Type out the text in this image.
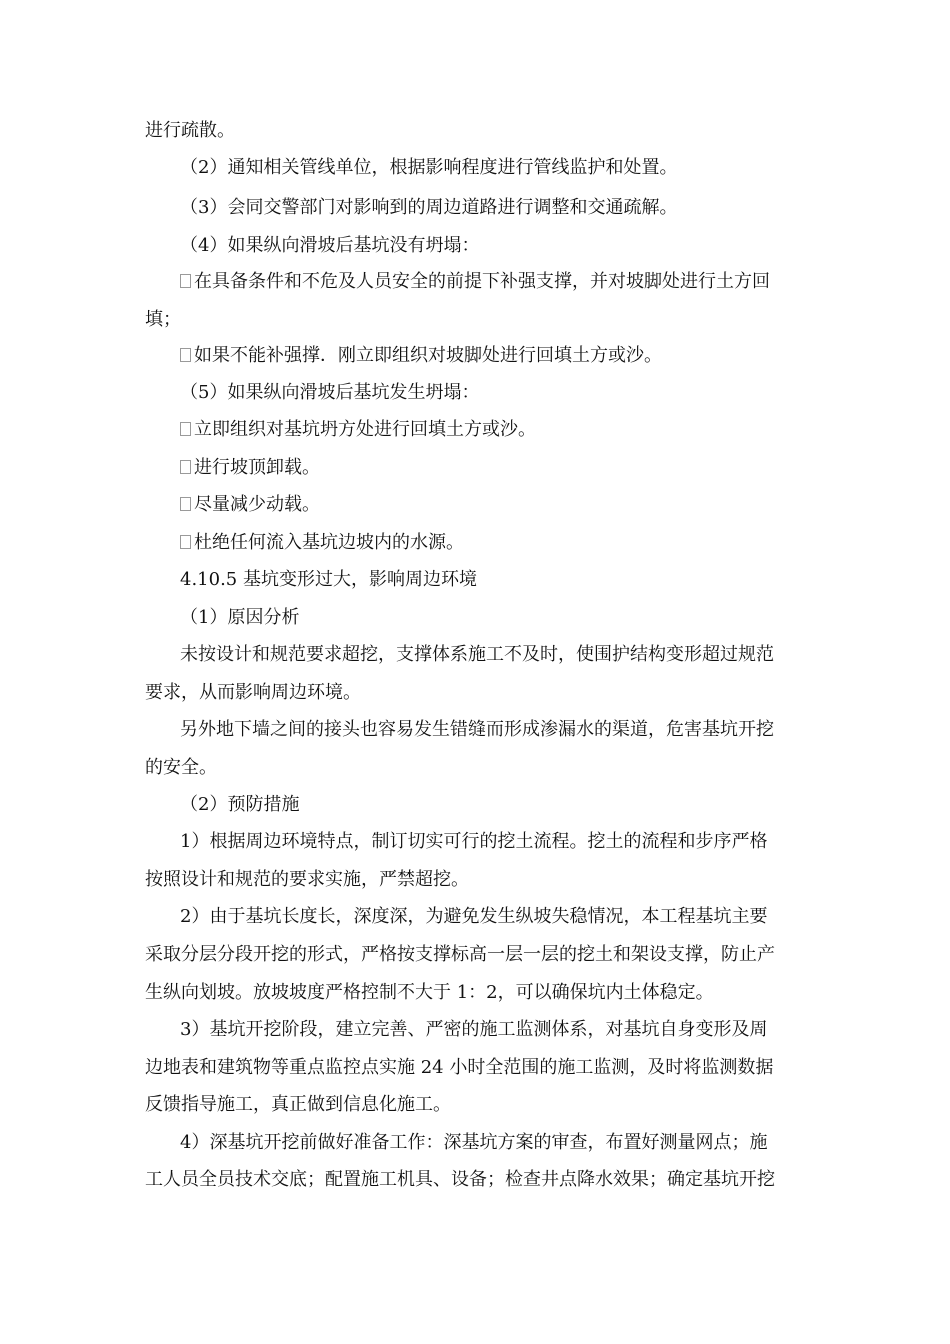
进行疏散。
（2）通知相关管线单位，根据影响程度进行管线监护和处置。
（3）会同交警部门对影响到的周边道路进行调整和交通疏解。
（4）如果纵向滑坡后基坑没有坍塌：
在具备条件和不危及人员安全的前提下补强支撑，并对坡脚处进行土方回
填；
如果不能补强撑．刚立即组织对坡脚处进行回填土方或沙。
（5）如果纵向滑坡后基坑发生坍塌：
立即组织对基坑坍方处进行回填土方或沙。
进行坡顶卸载。
尽量减少动载。
杜绝任何流入基坑边坡内的水源。
4.10.5 基坑变形过大，影响周边环境
（1）原因分析
未按设计和规范要求超挖，支撑体系施工不及时，使围护结构变形超过规范
要求，从而影响周边环境。
另外地下墙之间的接头也容易发生错缝而形成渗漏水的渠道，危害基坑开挖
的安全。
（2）预防措施
1）根据周边环境特点，制订切实可行的挖土流程。挖土的流程和步序严格
按照设计和规范的要求实施，严禁超挖。
2）由于基坑长度长，深度深，为避免发生纵坡失稳情况，本工程基坑主要
采取分层分段开挖的形式，严格按支撑标高一层一层的挖土和架设支撑，防止产
生纵向划坡。放坡坡度严格控制不大于 1：2，可以确保坑内土体稳定。
3）基坑开挖阶段，建立完善、严密的施工监测体系，对基坑自身变形及周
边地表和建筑物等重点监控点实施 24 小时全范围的施工监测，及时将监测数据
反馈指导施工，真正做到信息化施工。
4）深基坑开挖前做好准备工作：深基坑方案的审查，布置好测量网点；施
工人员全员技术交底；配置施工机具、设备；检查井点降水效果；确定基坑开挖
